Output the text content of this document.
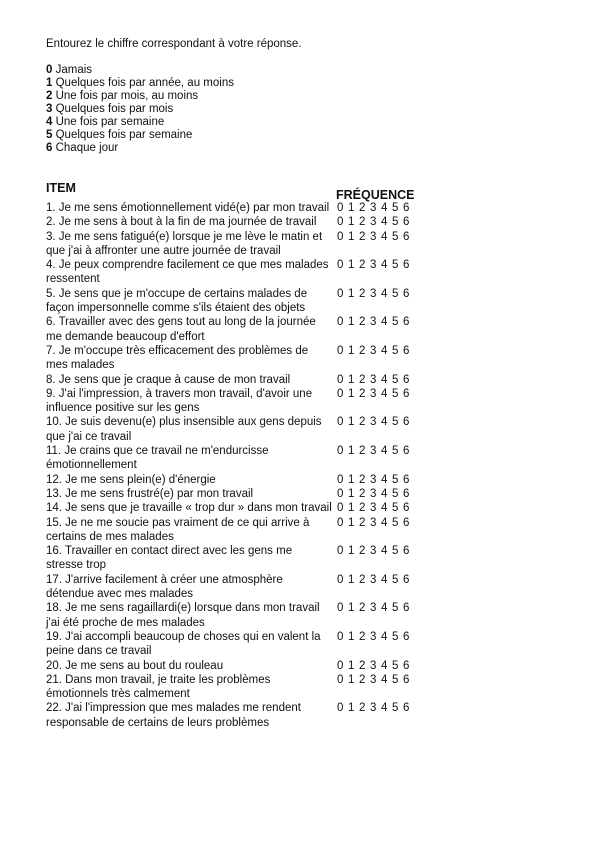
Entourez le chiffre correspondant à votre réponse.
0 Jamais
1 Quelques fois par année, au moins
2 Une fois par mois, au moins
3 Quelques fois par mois
4 Une fois par semaine
5 Quelques fois par semaine
6 Chaque jour
ITEM	FRÉQUENCE
1. Je me sens émotionnellement vidé(e) par mon travail 0 1 2 3 4 5 6
2. Je me sens à bout à la fin de ma journée de travail	0 1 2 3 4 5 6
3. Je me sens fatigué(e) lorsque je me lève le matin et que j'ai à affronter une autre journée de travail
0 1 2 3 4 5 6
4. Je peux comprendre facilement ce que mes malades ressentent
0 1 2 3 4 5 6
5. Je sens que je m'occupe de certains malades de façon impersonnelle comme s'ils étaient des objets
0 1 2 3 4 5 6
6. Travailler avec des gens tout au long de la journée me demande beaucoup d'effort
0 1 2 3 4 5 6
7. Je m'occupe très efficacement des problèmes de mes malades
0 1 2 3 4 5 6
8. Je sens que je craque à cause de mon travail	0 1 2 3 4 5 6
9. J'ai l'impression, à travers mon travail, d'avoir une influence positive sur les gens
0 1 2 3 4 5 6
10. Je suis devenu(e) plus insensible aux gens depuis que j'ai ce travail
0 1 2 3 4 5 6
11. Je crains que ce travail ne m'endurcisse émotionnellement
0 1 2 3 4 5 6
12. Je me sens plein(e) d'énergie	0 1 2 3 4 5 6
13. Je me sens frustré(e) par mon travail	0 1 2 3 4 5 6
14. Je sens que je travaille « trop dur » dans mon travail 0 1 2 3 4 5 6
15. Je ne me soucie pas vraiment de ce qui arrive à certains de mes malades
0 1 2 3 4 5 6
16. Travailler en contact direct avec les gens me stresse trop
0 1 2 3 4 5 6
17. J'arrive facilement à créer une atmosphère détendue avec mes malades
0 1 2 3 4 5 6
18. Je me sens ragaillardi(e) lorsque dans mon travail j'ai été proche de mes malades
0 1 2 3 4 5 6
19. J'ai accompli beaucoup de choses qui en valent la peine dans ce travail
0 1 2 3 4 5 6
20. Je me sens au bout du rouleau	0 1 2 3 4 5 6
21. Dans mon travail, je traite les problèmes émotionnels très calmement
0 1 2 3 4 5 6
22. J'ai l'impression que mes malades me rendent responsable de certains de leurs problèmes
0 1 2 3 4 5 6
